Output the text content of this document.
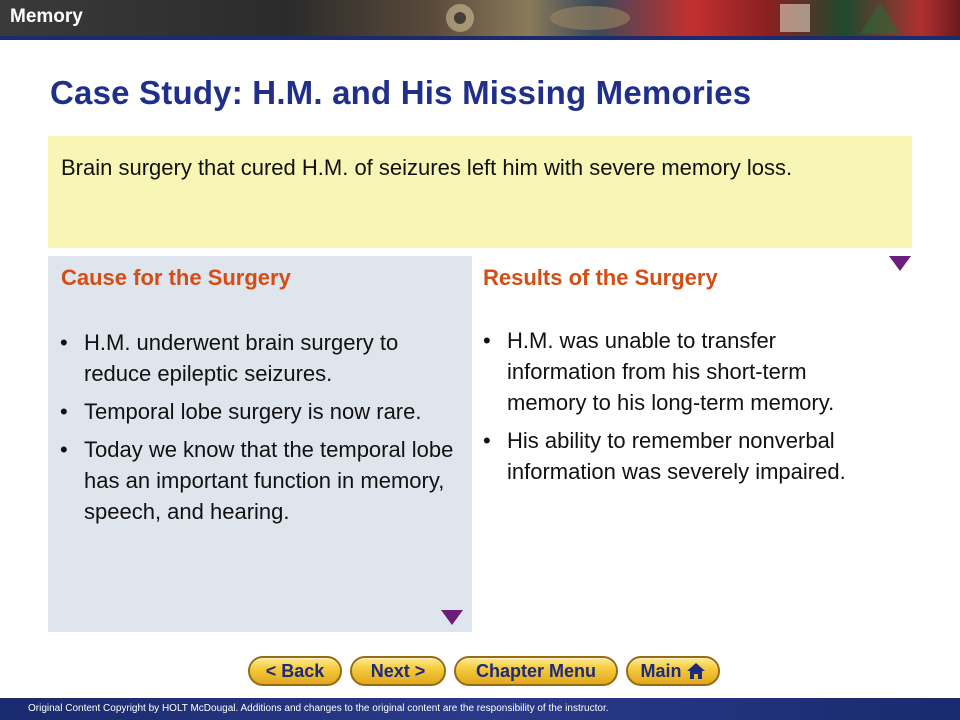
Memory
Case Study: H.M. and His Missing Memories
Brain surgery that cured H.M. of seizures left him with severe memory loss.
Cause for the Surgery
• H.M. underwent brain surgery to reduce epileptic seizures.
• Temporal lobe surgery is now rare.
• Today we know that the temporal lobe has an important function in memory, speech, and hearing.
Results of the Surgery
• H.M. was unable to transfer information from his short-term memory to his long-term memory.
• His ability to remember nonverbal information was severely impaired.
< Back	Next >	Chapter Menu Main
Original Content Copyright by HOLT McDougal. Additions and changes to the original content are the responsibility of the instructor.
